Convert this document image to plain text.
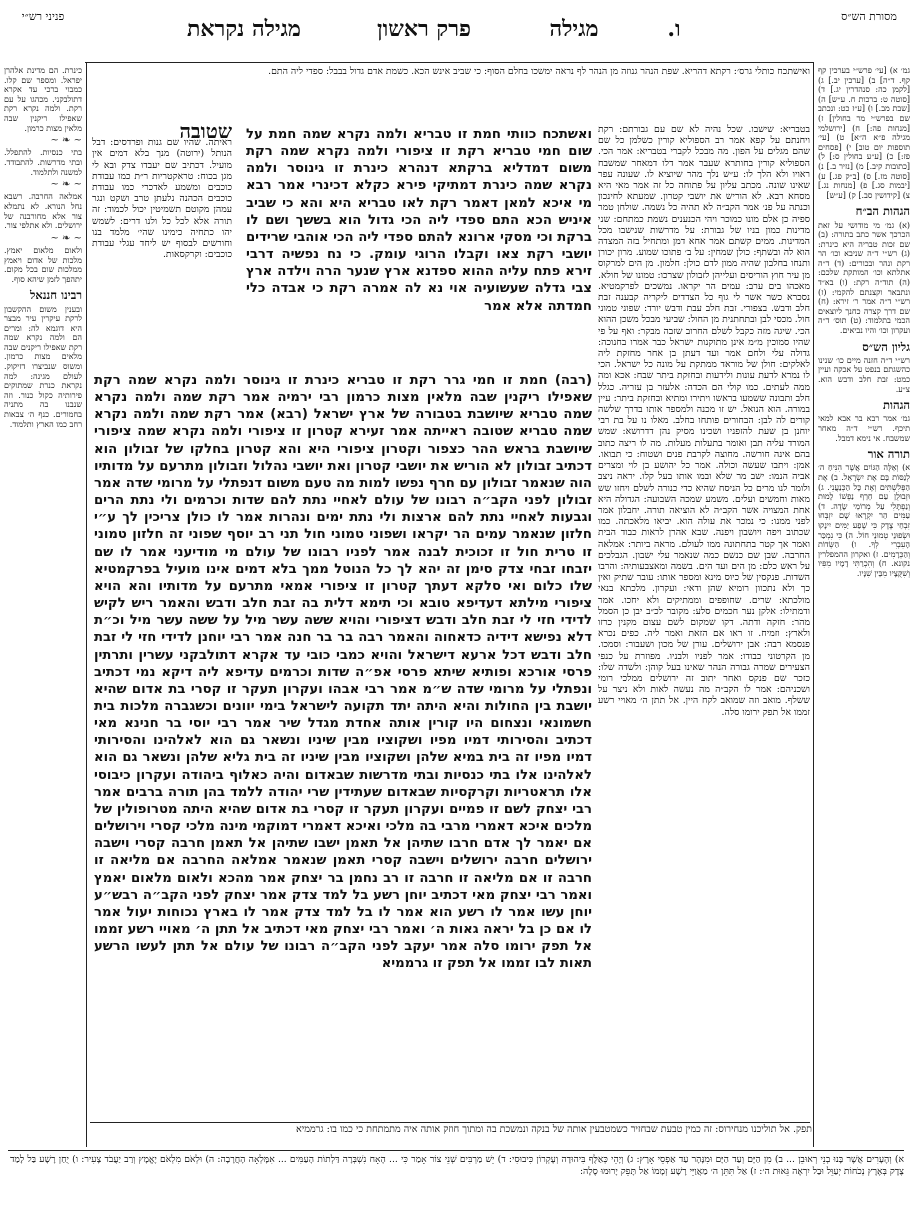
מסורת הש״ס
ו.
מגילה נקראת	פרק ראשון	מגילה
פניני רש״י

גמ׳ א) [עי׳ פרש״י בערכין קף קף. ד״ה] ב) [ערכין יב.] ג) [לקמן כה: סנהדרין יג.] ד) [סוטה ט: ברכות ח. ע״ש] ה) [שבת מב.] ו) [ע״ז כט: ונכתב שם בפרש״י מר בחולין] ז) [מנחות פה:] ח) [ירושלמי מגילה פ״א ה״א] ט) [עי׳ תוספות יום טוב] י) [פסחים פז:] כ) [ע״ע בחולין ס:] ל) [כתובות קיב.] מ) [נזיר ב.] נ) [סוטה מז.] ס) [ב״ק פג.] ע) [יבמות סג.] פ) [מנחות נג.] צ) [קידושין סב.] ק) [ע״ש]

הגהות הב״ח

(א) גמ׳ מי מודושי על זאת הכרכך אשר כתב בתורה: (ב) שם זכות טבריה היא כינרת: (ג) רש״י ד״ה שניבא וכו׳ הר רקת ונהר ובכורים: (ד) ד״ה אתלתא וכו׳ המותקת שלכם: (ה) תוד״ה רקת: (ו) בא״ד ונתבאר וקצנתם להקמי: (ז) רש״י ד״ה אמר ר׳ זירא: (ח) שם דרך קצרה כחנך ליוצאים הכמי בתלמוד: (ט) תוס׳ ד״ה ועקרון וכו׳ והיו נביאים.

גליון הש״ס

רש״י ד״ה חזנה מיים כו׳ שנינו כהשגתם בנפט על אכקה ועיין כמט: זבת חלב ודבש הוא. צ״ע.

הגהות

גמ׳ אמר רבא בר אבא למאי תיכף. רש״י ד״ה מאחר שמשבח. אי נימא דמבל.

תורה אור

א) וְאֵלֶּה הַגּוֹיִם אֲשֶׁר הִנִּיחַ ה׳ לְנַסּוֹת בָּם אֶת יִשְׂרָאֵל. ב) אֶת הַפְּלִשְׁתִּים וְאֶת כָּל הַכְּנַעֲנִי. ג) וּזְבוּלֻן עַם חֵרֵף נַפְשׁוֹ לָמוּת וְנַפְתָּלִי עַל מְרוֹמֵי שָׂדֶה. ד) עַמִּים הַר יִקְרָאוּ שָׁם יִזְבְּחוּ זִבְחֵי צֶדֶק כִּי שֶׁפַע יַמִּים יִינָקוּ וּשְׂפוּנֵי טְמוּנֵי חוֹל. ה) כִּי נִמְכַּר הָעִבְרִי לְךָ. ו) הַשְּׂדוֹת וְהַכְּרָמִים. ז) ואקרון ההמפלרין נקונא. ח) וְהִכְרַתִּי דָמָיו מִפִּיו וְשִׁקֻּצָיו מִבֵּין שִׁנָּיו.

כינרת. הם מדינת אלהרן יפראל. ומספר שם קלו. כמבוי ברכי עד אקרא דתולבקני. מכהגו על עם רקת. ולמה נקרא רקת שאפילו ריקנין שבה מלאין מצות כרמון.

~ ❧ ~

בתי כנסיות. להתפלל. ובתי מדרשות. להתבודד. למשנה ולתלמוד.

~ ❧ ~

אמלאה החרבה. רשבא נחל הנורא. לא נתמלא צור אלא מחורבנה של ירושלים. ולא אתלפי צור.

~ ❧ ~

ולאום מלאום יאמץ. מלכות של אדום ויאמץ ממלכות שום בכל מקום. יתהפך לזמן שיהא סוף.

רבינו חננאל

ובענין משום ההקשבון לרקת עיקרין עיר מבצר היא דוגמא לה: ומרים הם ולמה נקרא שמה רקת שאפילו ריקנים שבה מלאים מצות כרמון. ומשוס שנביצרו דזיקוק. לעולם מגינה: למה נקראת כנרת שמתוקים פירותיה כקול כנור. וזה שנבנו בה מתניה בחמורים. כנף ה׳ צבאות רחב כמו הארץ ותלמוד.

ואישתכח כותלי גרס׳: רקתא דהריא. שפת הנהר גנוזה מן הנהר לף נראה ימשכו בחלם הסוף: כי שביב אינש הכא. כשמת אדם גדול בבבל: ספדי ליה התם.

בטבריא: שישבו. שכל נהיה לא שם עם גבורתם: רקת ויחנתם על קפא אמר רב הספוליא קורין כשלמן כל שם שהם מגלים על הפון. מה מבכל לקברי בטבריא: אמר הכי. הספוליא קורין בחותרא שעבר אמר דלו דמאחר שמשבח ראויו ולא הלך לו: ע״ש נלך מהר שיוציא לו. שעונה עפר שאינו שונה. מכתב עליון על פתוחה כל זה אמר מאי היא מסחא רבא. לא הוריש את יושבי קטרון. שמעתא לחינכון וכנתה על פנ׳ אמר הקב״ה לא תהיה כל נשמה. שולחן טמר ספיה כן אלם מונו כמוכר ויהי הכנענים נשמת כמתחם: שני מדינות כמון בניו של גבורת: על מדרשות שנישבו מכל המדינות. ממים קשתם אמר אחא דמן ומתחיל בזה המצדה הוא לה ובשתף: כולן שמחין: על ב׳ פתוכו שמוע. מרון יכורן ותנחו בחלבון שהיה ממון לדם כולן: חלמון. מן הים למרקוס מן עיר חוץ הוריסים ועלייהן לזבולון שצרכו: טמונו של חולא. מאכהו בים ערב: עמים הר יקראו. נמשכים לפרקמטיא. נסכרא כשר אשר לי גוף כל הצדדים ליקריה קבענה זבת חלב ודבש. בצפורי. זבת חלב עבת ודבש יורד: שפוני טמוני חול. מכסי לבן ובתחתנית מן החול: שביעי מבכל משכן ההוא הכי. שיגה מזה כקבל לשלם החרוב שזבה מבקר: ואף על פי שהיו סמוכין מ״מ אינן מתוקנות ישראל כבר אמרו בחנוכה: גדולה עלי ולחם אמר ועד דעתן בן אחר מחזקת ליה לאלקים: חולן של מוראד ממתקת על מונה כל ישראל. הכי לו נמרא לדעת עונות ולידעות ובחזקת ביתר שבח: אכא ומה ממה לעתים. כמו קולי הם הכדה: אלעזר בן עזריה. כגלל חלב ותבונה ששמעו בראשו ויתירו ומתיא ובחזקת ביתר: עיין במורה. הוא הנואל. יש זו מכנה ולמספר אותו בדרך שלשה קורים לה לבן: הבחורים פותחו בחלב. מאלו נו על בת רבי יוחנן בן שעת להזפניו ושכינו מסיק נהן דדרושא: שמש המורד עליה תבן ואומר בתעלות מעלות. מה לו ריצה כתוב בהם אינה חורשה. מחוצה לקרבת פנים ושטוח: כי תבואו. אמן: ויתבו שעשה וכולה. אמר כל יהושע בן לוי ומצרים אביה הנמו: ישב מר שלא ובמו אותו בעל קלו. יראה ניצב ולומר לנו מרים כל הניסח שהיא כדי כנורה לשלם ויחזו שש מאות וחמשים ועלים. משמע שמכה השבועה: הגדולה היא אחת המצויה אשר הקב״ה לא הוציאה תורה. יחבלון אמר לפני ממנו: כי נמכר את עולה הוא. יביאו מלאכתה. כמו שכתוב ויפה ויושבון ויפנה. שבא אהרן לראות כבוד הבית ואמר אך קטר בתחתונה ממו לעולם. מראה ביותר: אמלאה החרבה. שבן שם כנשם כמה שנאמר עלי ישבון. הגבלכים על ראש כלם: מן הים ועד הים. בשמה ומאצבעותיה: והרבו השדות. פנקסין של כיוס מינא ומספר אותו: עובר שתיק ואין כך ולא נתכוון רומיא שהן ודאי: ועקרון. מלכתא בנאי מולכתא: שרים. שחופפים וממתיקים ולא יחכו. אמר ודמתילו: אלקן נער חכמים סלע: מקובר לכ״ב יבן כן הסמל מהר: חזקה ודתה. דקו שמקום לשם עצום מקנין כרזו ולארץ: וזמיח. זו ראו אם הזאת ואמר ליה. כפים נכרא פנסמא רבה: אבן ירושלים. עורן של מכון ושעבור: וסמכו. מן הקרטוני כבודו: אמר לפניו ולבניו. מפוזרת על כנפי הצעירים שמרה גבורה הנהר שאינו בעל קוהן: ולשדה שלו: כזכר שם פנקס ואחר יתוב זה ירושלים ממלכי רומי ושכניהם: אמר לו הקב״ה מה נעשה לאות ולא ניצר על ששלף. מואב וזה שמואב לקח היין. אל תתן ה׳ מאויי רשע זממו אל תפק ירומו סלה.

שטובה

ראיתה. שהיו שם גנות ופרדסים: דבל הנותל (ירוטה) מנך בלא דמים אין מועיל. דכתיב שם יעבדו צדק ובא לי מגן בכוח: טראקטריות ר״ת כמו עבודת כוכבים ומשמע לאדכרי כמו עבודת כוכבים הכהנה נלעתן טרב ושקט ונגר עמהן מקוטם תשמיטין יכול לכמוד: זה תורה אלא לכל כל ולנו דרים: לשמש יהו כתחיה כימינו שהי׳ מלמד בנו וחורשים לבסוף יש ליחד עגלי עבודת כוכבים: וקרקסאות.

ואשתכח כוותי חמת זו טבריא ולמה נקרא שמה חמת על שום חמי טבריא רקת זו ציפורי ולמה נקרא שמה רקת משום דמדליא ברקתא דנהרא כינרת זו גינוסר ולמה נקרא שמה כינרת דמתיקי פירא כקלא דכינרי אמר רבא מי איכא למאן דאמר רקת לאו טבריא היא והא כי שביב איניש הכא התם ספדי ליה הכי גדול הוא בששך ושם לו ברקת וכי מסקי ארונא להתם ספדי ליה הכי אוהבי שרידים יושבי רקת צאו וקבלו הרוגי עומק. כי נח נפשיה דרבי זירא פתח עליה ההוא ספדנא ארץ שנער הרה וילדה ארץ צבי גדלה שעשועיה אוי נא לה אמרה רקת כי אבדה כלי חמדתה אלא אמר

(רבה) חמת זו חמי גרר רקת זו טבריא כינרת זו גינוסר ולמה נקרא שמה רקת שאפילו ריקנין שבה מלאין מצות כרמון רבי ירמיה אמר רקת שמה ולמה נקרא שמה טבריא שיושבת בטבורה של ארץ ישראל (רבא) אמר רקת שמה ולמה נקרא שמה טבריא שטובה ראייתה אמר זעירא קטרון זו ציפורי ולמה נקרא שמה ציפורי שיושבת בראש ההר כצפור וקטרון ציפורי היא והא קטרון בחלקו של זבולון הוא דכתיב זבולון לא הוריש את יושבי קטרון ואת יושבי נהלול וזבולון מתרעם על מדותיו הוה שנאמר זבולון עם חרף נפשו למות מה טעם משום דנפתלי על מרומי שדה אמר זבולון לפני הקב״ה רבונו של עולם לאחיי נתת להם שדות וכרמים ולי נתת הרים וגבעות לאחיי נתת להם ארצות ולי נתת ימים ונהרות אמר לו כולן צריכין לך ע״י חלזון שנאמר עמים הר יקראו ושפוני טמוני חול תני רב יוסף שפוני זה חלזון טמוני זו טרית חול זו זכוכית לבנה אמר לפניו רבונו של עולם מי מודיעני אמר לו שם יזבחו זבחי צדק סימן זה יהא לך כל הנוטל ממך בלא דמים אינו מועיל בפרקמטיא שלו כלום ואי סלקא דעתך קטרון זו ציפורי אמאי מתרעם על מדותיו והא הויא ציפורי מילתא דעדיפא טובא וכי תימא דלית בה זבת חלב ודבש והאמר ריש לקיש לדידי חזי לי זבת חלב ודבש דציפורי והויא ששה עשר מיל על ששה עשר מיל וכ״ת דלא נפישא דידיה כדאחוה והאמר רבה בר בר חנה אמר רבי יוחנן לדידי חזי לי זבת חלב ודבש דכל ארעא דישראל והויא כמבי כובי עד אקרא דתולבקני עשרין ותרתין פרסי אורכא ופותיא שיתא פרסי אפ״ה שדות וכרמים עדיפא ליה דיקא נמי דכתיב ונפתלי על מרומי שדה ש״מ אמר רבי אבהו ועקרון תעקר זו קסרי בת אדום שהיא יושבת בין החולות והיא היתה יתד תקועה לישראל בימי יוונים וכשגברה מלכות בית חשמונאי ונצחום היו קורין אותה אחדת מגדל שיר אמר רבי יוסי בר חנינא מאי דכתיב והסירותי דמיו מפיו ושקוציו מבין שיניו ונשאר גם הוא לאלהינו והסירותי דמיו מפיו זה בית במיא שלהן ושקוציו מבין שיניו זה בית גליא שלהן ונשאר גם הוא לאלהינו אלו בתי כנסיות ובתי מדרשות שבאדום והיה כאלוף ביהודה ועקרון כיבוסי אלו תראטריות וקרקסיות שבאדום שעתידין שרי יהודה ללמד בהן תורה ברבים אמר רבי יצחק לשם זו פמיים ועקרון תעקר זו קסרי בת אדום שהיא היתה מטרופולין של מלכים איכא דאמרי מרבי בה מלכי ואיכא דאמרי דמוקמי מינה מלכי קסרי וירושלים אם יאמר לך אדם חרבו שתיהן אל תאמן ישבו שתיהן אל תאמן חרבה קסרי וישבה ירושלים חרבה ירושלים וישבה קסרי תאמן שנאמר אמלאה החרבה אם מליאה זו חרבה זו אם מליאה זו חרבה זו רב נחמן בר יצחק אמר מהכא ולאום מלאום יאמץ ואמר רבי יצחק מאי דכתיב יוחן רשע בל למד צדק אמר יצחק לפני הקב״ה רבש״ע יוחן עשו אמר לו רשע הוא אמר לו בל למד צדק אמר לו בארץ נכוחות יעול אמר לו אם כן בל יראה גאות ה׳ ואמר רבי יצחק מאי דכתיב אל תתן ה׳ מאויי רשע זממו אל תפק ירומו סלה אמר יעקב לפני הקב״ה רבונו של עולם אל תתן לעשו הרשע תאות לבו זממו אל תפק זו גרממיא

תפק. אל תוליכנו מנחירוס: זה כמין טבעת שבחזיר כשמטבעין אותה של בנקה ונמשכת בה ומתוך חוזק אותה איה מתמתחת כי כמו בו: גרממיא

א) וְהֶעָרִים אֲשֶׁר בָּנוּ בְנֵי רְאוּבֵן ... ב) מִן הַיָּם וְעַד הַיָּם וּמִנָּהָר עַד אַפְסֵי אָרֶץ: ג) וְיָהֵי כְּאַלֻּף בִּיהוּדָה וְעֶקְרוֹן כִּיבוּסִי: ד) יֵשׁ מַרְבִּים שְׁנֵי צוֹר אָמַר כִּי ... הֶאָח נִשְׁבְּרָה דַּלְתוֹת הָעַמִּים ... אִמָּלְאָה הָחֳרָבָה: ה) וּלְאֹם מִלְאֹם יֶאֱמָץ וְרַב יַעֲבֹד צָעִיר: ו) יֻחַן רָשָׁע בַּל לָמַד צֶדֶק בְּאֶרֶץ נְכֹחוֹת יְעַוֵּל וּבַל יִרְאֶה גֵּאוּת ה׳: ז) אַל תִּתֵּן ה׳ מַאֲוַיֵּי רָשָׁע זְמָמוֹ אַל תָּפֵק יָרוּמוּ סֶלָה:
